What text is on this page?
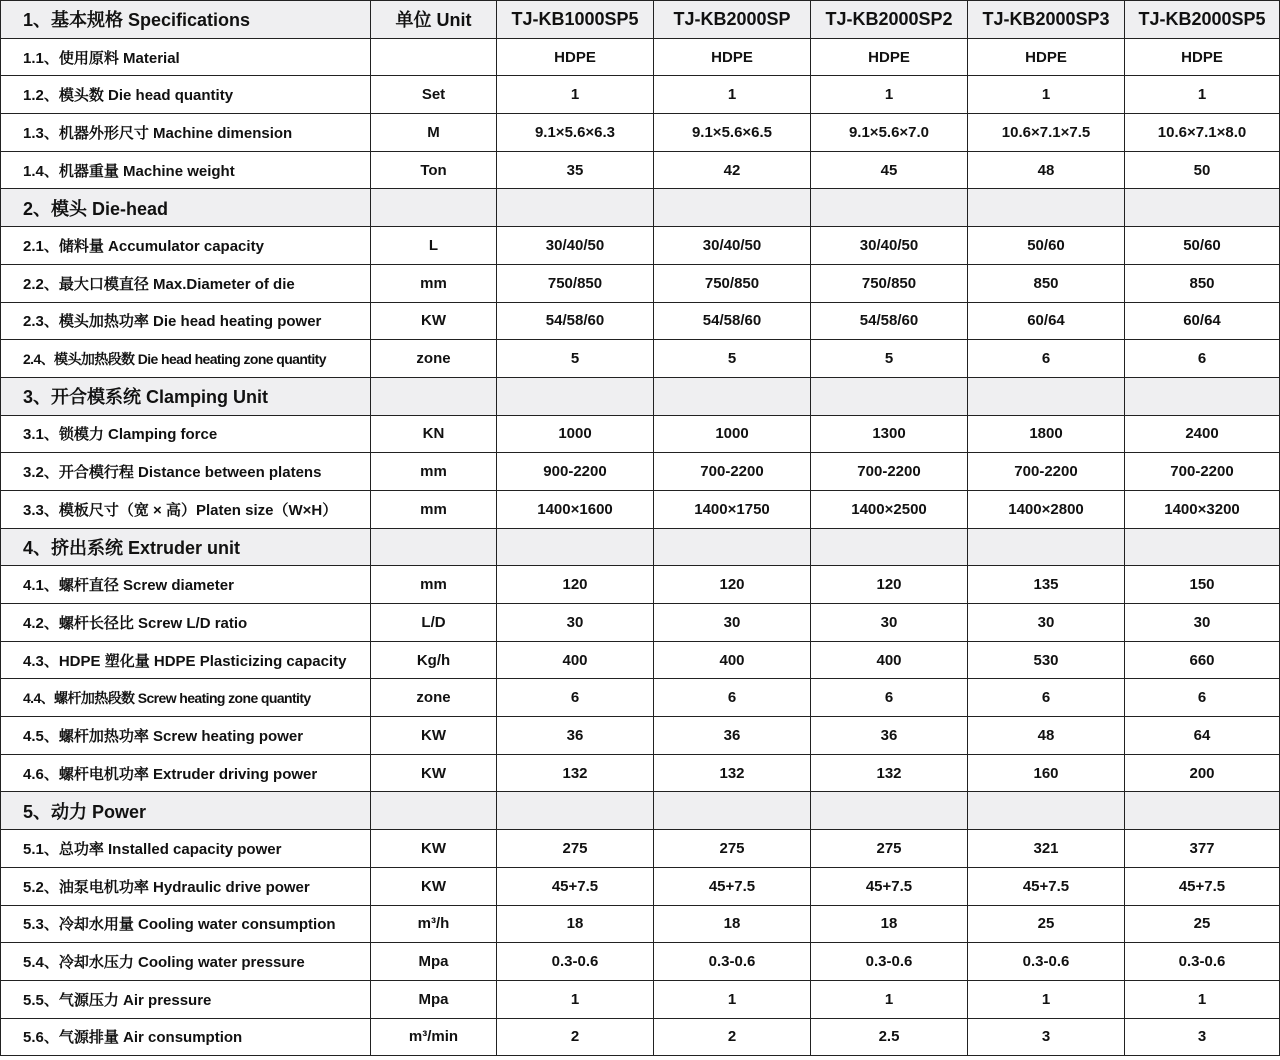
1、基本规格 Specifications	单位 Unit	TJ-KB1000SP5	TJ-KB2000SP	TJ-KB2000SP2	TJ-KB2000SP3	TJ-KB2000SP5
1.1、使用原料 Material		HDPE	HDPE	HDPE	HDPE	HDPE
1.2、模头数 Die head quantity	Set	1	1	1	1	1
1.3、机器外形尺寸 Machine dimension	M	9.1×5.6×6.3	9.1×5.6×6.5	9.1×5.6×7.0	10.6×7.1×7.5	10.6×7.1×8.0
1.4、机器重量 Machine weight	Ton	35	42	45	48	50
2、模头 Die-head						
2.1、储料量 Accumulator capacity	L	30/40/50	30/40/50	30/40/50	50/60	50/60
2.2、最大口模直径 Max.Diameter of die	mm	750/850	750/850	750/850	850	850
2.3、模头加热功率 Die head heating power	KW	54/58/60	54/58/60	54/58/60	60/64	60/64
2.4、模头加热段数 Die head heating zone quantity	zone	5	5	5	6	6
3、开合模系统 Clamping Unit						
3.1、锁模力 Clamping force	KN	1000	1000	1300	1800	2400
3.2、开合模行程 Distance between platens	mm	900-2200	700-2200	700-2200	700-2200	700-2200
3.3、模板尺寸（宽 × 高）Platen size（W×H）	mm	1400×1600	1400×1750	1400×2500	1400×2800	1400×3200
4、挤出系统 Extruder unit						
4.1、螺杆直径 Screw diameter	mm	120	120	120	135	150
4.2、螺杆长径比 Screw L/D ratio	L/D	30	30	30	30	30
4.3、HDPE 塑化量 HDPE Plasticizing capacity	Kg/h	400	400	400	530	660
4.4、螺杆加热段数 Screw heating zone quantity	zone	6	6	6	6	6
4.5、螺杆加热功率 Screw heating power	KW	36	36	36	48	64
4.6、螺杆电机功率 Extruder driving power	KW	132	132	132	160	200
5、动力 Power						
5.1、总功率 Installed capacity power	KW	275	275	275	321	377
5.2、油泵电机功率 Hydraulic drive power	KW	45+7.5	45+7.5	45+7.5	45+7.5	45+7.5
5.3、冷却水用量 Cooling water consumption	m³/h	18	18	18	25	25
5.4、冷却水压力 Cooling water pressure	Mpa	0.3-0.6	0.3-0.6	0.3-0.6	0.3-0.6	0.3-0.6
5.5、气源压力 Air pressure	Mpa	1	1	1	1	1
5.6、气源排量 Air consumption	m³/min	2	2	2.5	3	3
